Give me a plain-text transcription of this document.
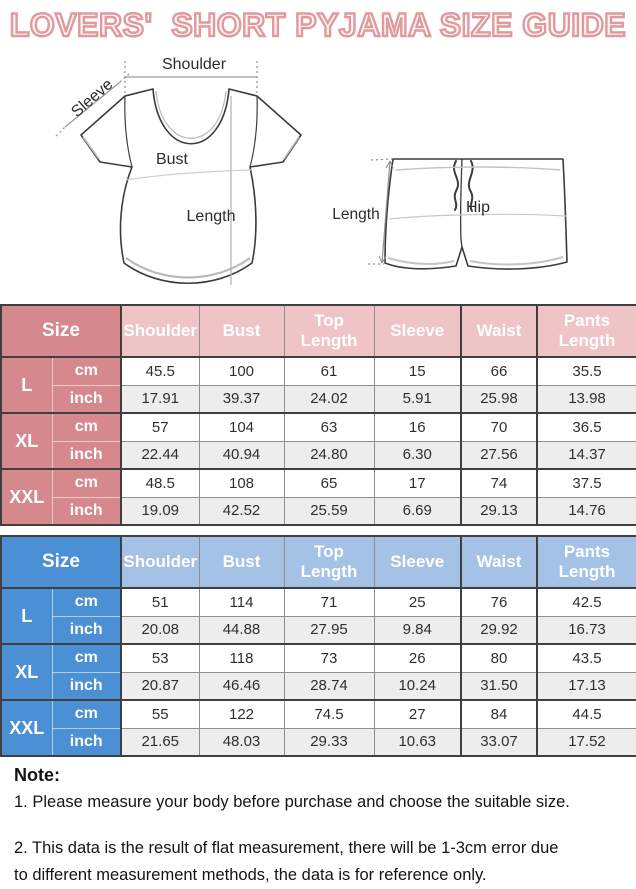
LOVERS'  SHORT PYJAMA SIZE GUIDE
Shoulder
Sleeve
Bust
Length	Length	Hip
Size		Shoulder	Bust	Top Length	Sleeve	Waist	Pants Length
L	cm	45.5	100	61	15	66	35.5
	inch	17.91	39.37	24.02	5.91	25.98	13.98
XL	cm	57	104	63	16	70	36.5
	inch	22.44	40.94	24.80	6.30	27.56	14.37
XXL	cm	48.5	108	65	17	74	37.5
	inch	19.09	42.52	25.59	6.69	29.13	14.76
Size		Shoulder	Bust	Top Length	Sleeve	Waist	Pants Length
L	cm	51	114	71	25	76	42.5
	inch	20.08	44.88	27.95	9.84	29.92	16.73
XL	cm	53	118	73	26	80	43.5
	inch	20.87	46.46	28.74	10.24	31.50	17.13
XXL	cm	55	122	74.5	27	84	44.5
	inch	21.65	48.03	29.33	10.63	33.07	17.52
Note:
1. Please measure your body before purchase and choose the suitable size.
2. This data is the result of flat measurement, there will be 1-3cm error due
to different measurement methods, the data is for reference only.
